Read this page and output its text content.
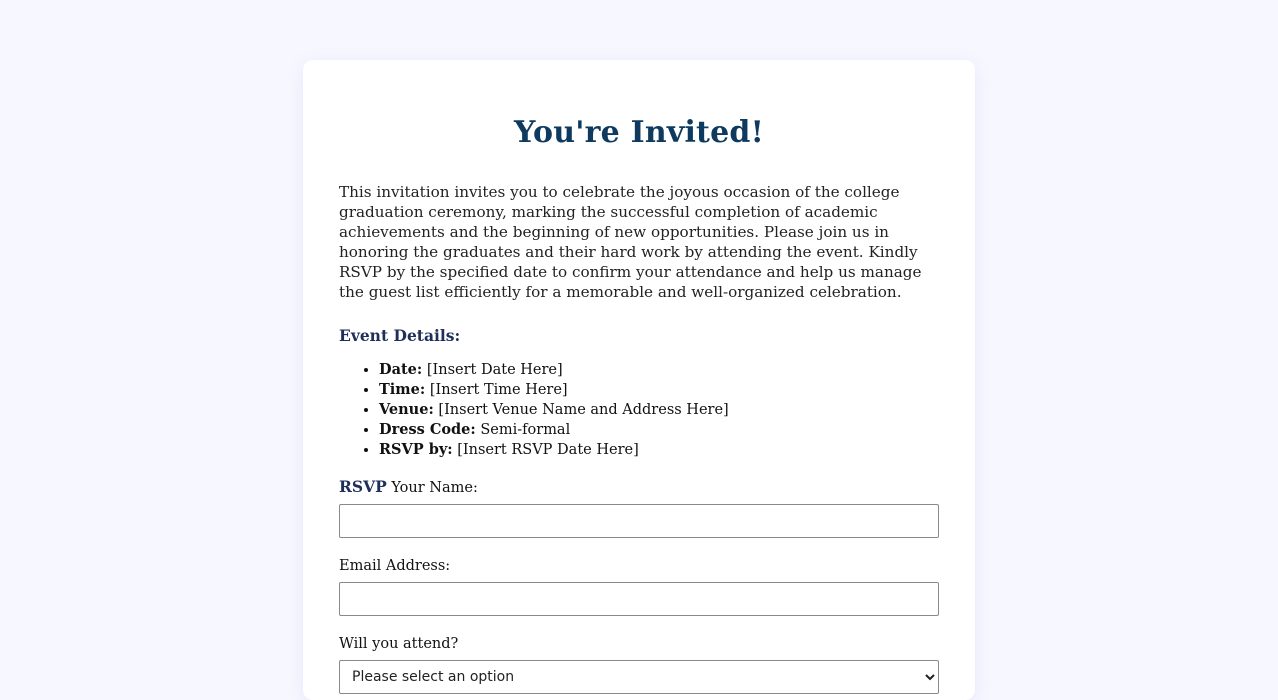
You're Invited!

This invitation invites you to celebrate the joyous occasion of the college graduation ceremony, marking the successful completion of academic achievements and the beginning of new opportunities. Please join us in honoring the graduates and their hard work by attending the event. Kindly RSVP by the specified date to confirm your attendance and help us manage the guest list efficiently for a memorable and well-organized celebration.

Event Details:
• Date: [Insert Date Here]
• Time: [Insert Time Here]
• Venue: [Insert Venue Name and Address Here]
• Dress Code: Semi-formal
• RSVP by: [Insert RSVP Date Here]
RSVP Your Name:
Email Address:
Will you attend?
Please select an option
